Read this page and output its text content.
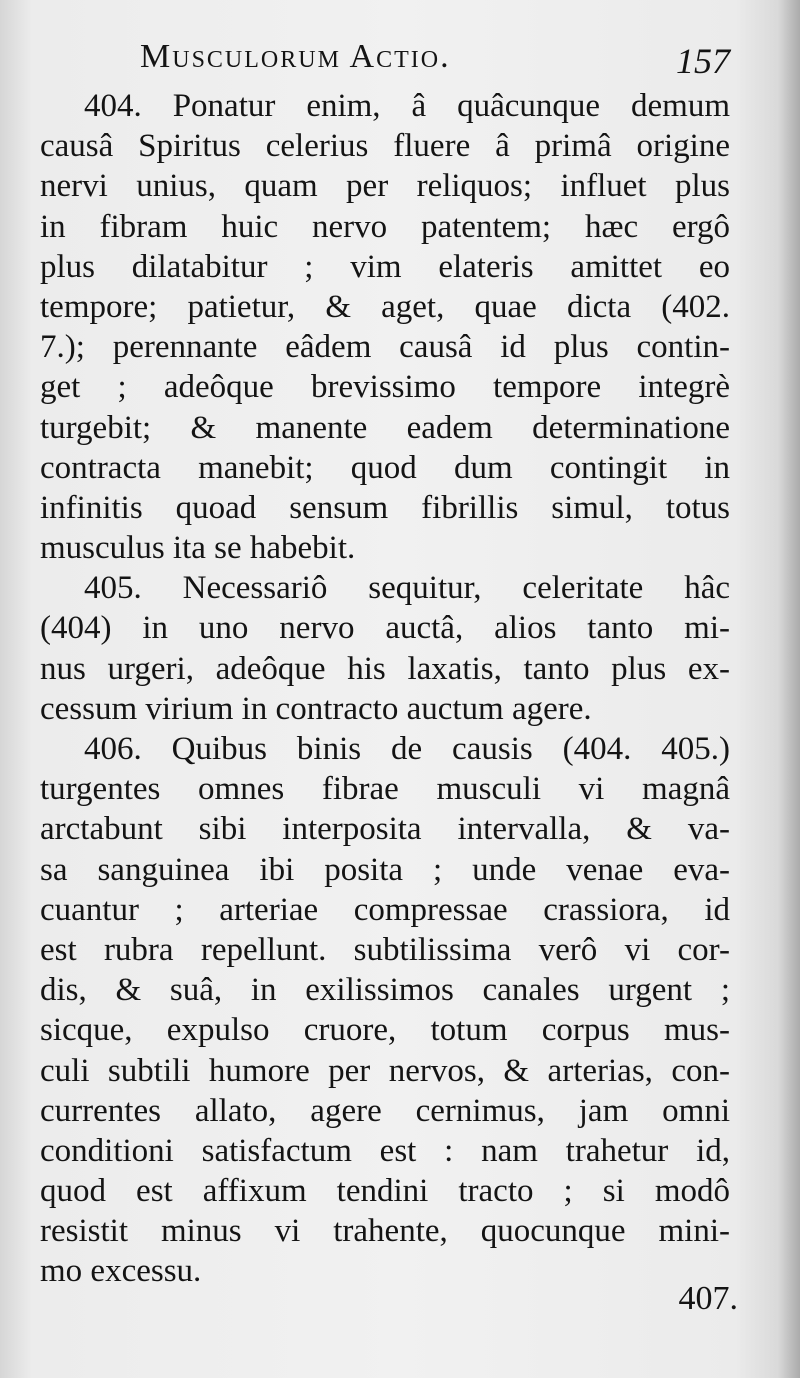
Musculorum Actio.	157
404. Ponatur enim, â quâcunque demum
causâ Spiritus celerius fluere â primâ origine
nervi unius, quam per reliquos; influet plus
in fibram huic nervo patentem; hæc ergô
plus dilatabitur ; vim elateris amittet eo
tempore; patietur, & aget, quae dicta (402.
7.); perennante eâdem causâ id plus contin-
get ; adeôque brevissimo tempore integrè
turgebit; & manente eadem determinatione
contracta manebit; quod dum contingit in
infinitis quoad sensum fibrillis simul, totus
musculus ita se habebit.
405. Necessariô sequitur, celeritate hâc
(404) in uno nervo auctâ, alios tanto mi-
nus urgeri, adeôque his laxatis, tanto plus ex-
cessum virium in contracto auctum agere.
406. Quibus binis de causis (404. 405.)
turgentes omnes fibrae musculi vi magnâ
arctabunt sibi interposita intervalla, & va-
sa sanguinea ibi posita ; unde venae eva-
cuantur ; arteriae compressae crassiora, id
est rubra repellunt. subtilissima verô vi cor-
dis, & suâ, in exilissimos canales urgent ;
sicque, expulso cruore, totum corpus mus-
culi subtili humore per nervos, & arterias, con-
currentes allato, agere cernimus, jam omni
conditioni satisfactum est : nam trahetur id,
quod est affixum tendini tracto ; si modô
resistit minus vi trahente, quocunque mini-
mo excessu.
407.
